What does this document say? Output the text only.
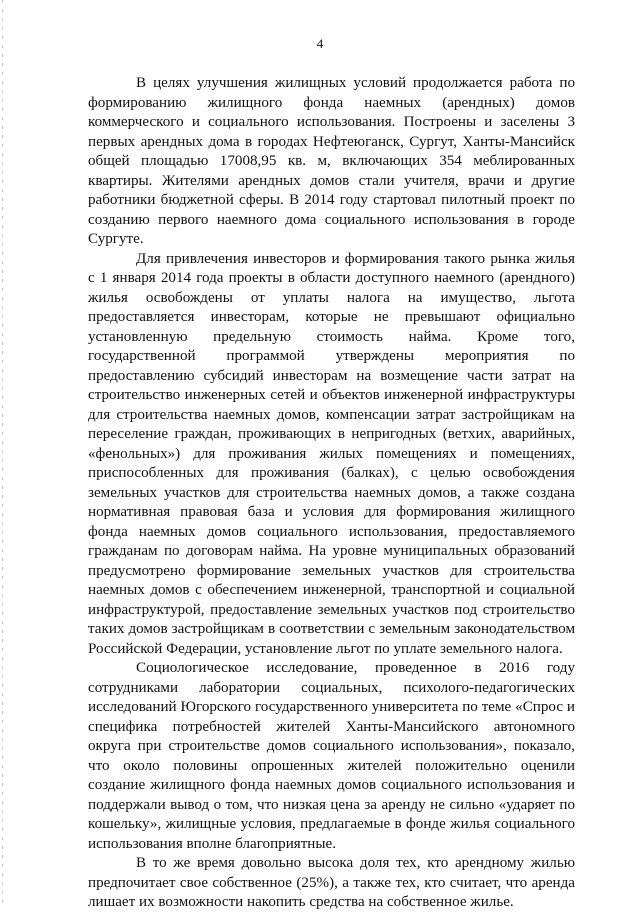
4

В целях улучшения жилищных условий продолжается работа по формированию жилищного фонда наемных (арендных) домов коммерческого и социального использования. Построены и заселены 3 первых арендных дома в городах Нефтеюганск, Сургут, Ханты-Мансийск общей площадью 17008,95 кв. м, включающих 354 меблированных квартиры. Жителями арендных домов стали учителя, врачи и другие работники бюджетной сферы. В 2014 году стартовал пилотный проект по созданию первого наемного дома социального использования в городе Сургуте.

Для привлечения инвесторов и формирования такого рынка жилья с 1 января 2014 года проекты в области доступного наемного (арендного) жилья освобождены от уплаты налога на имущество, льгота предоставляется инвесторам, которые не превышают официально установленную предельную стоимость найма. Кроме того, государственной программой утверждены мероприятия по предоставлению субсидий инвесторам на возмещение части затрат на строительство инженерных сетей и объектов инженерной инфраструктуры для строительства наемных домов, компенсации затрат застройщикам на переселение граждан, проживающих в непригодных (ветхих, аварийных, «фенольных») для проживания жилых помещениях и помещениях, приспособленных для проживания (балках), с целью освобождения земельных участков для строительства наемных домов, а также создана нормативная правовая база и условия для формирования жилищного фонда наемных домов социального использования, предоставляемого гражданам по договорам найма. На уровне муниципальных образований предусмотрено формирование земельных участков для строительства наемных домов с обеспечением инженерной, транспортной и социальной инфраструктурой, предоставление земельных участков под строительство таких домов застройщикам в соответствии с земельным законодательством Российской Федерации, установление льгот по уплате земельного налога.

Социологическое исследование, проведенное в 2016 году сотрудниками лаборатории социальных, психолого-педагогических исследований Югорского государственного университета по теме «Спрос и специфика потребностей жителей Ханты-Мансийского автономного округа при строительстве домов социального использования», показало, что около половины опрошенных жителей положительно оценили создание жилищного фонда наемных домов социального использования и поддержали вывод о том, что низкая цена за аренду не сильно «ударяет по кошельку», жилищные условия, предлагаемые в фонде жилья социального использования вполне благоприятные.

В то же время довольно высока доля тех, кто арендному жилью предпочитает свое собственное (25%), а также тех, кто считает, что аренда лишает их возможности накопить средства на собственное жилье.
